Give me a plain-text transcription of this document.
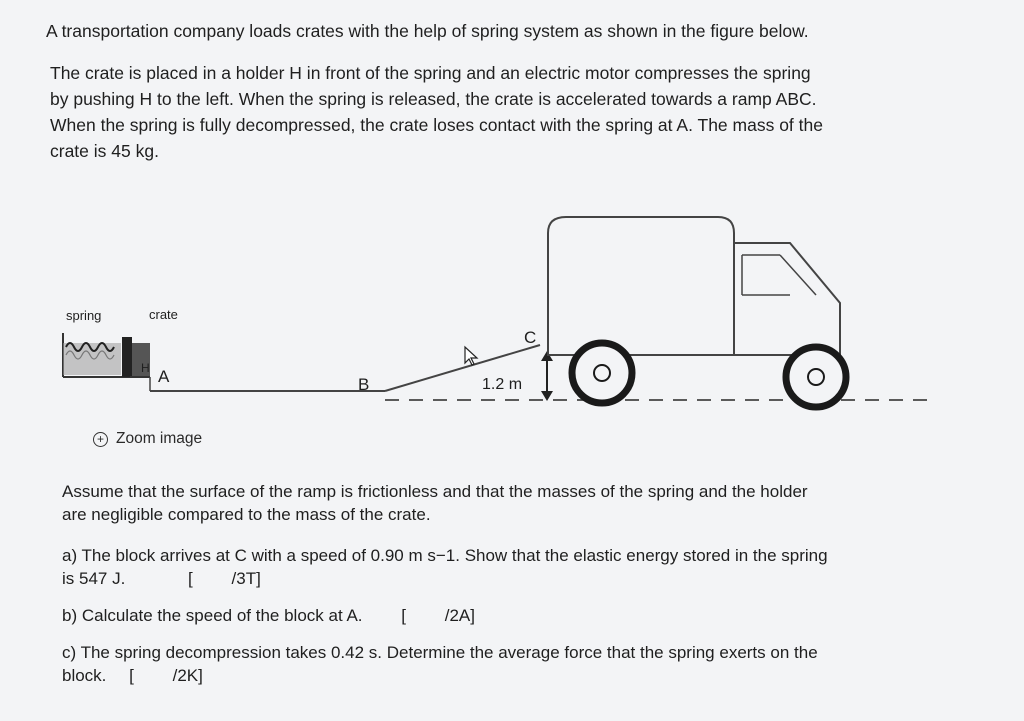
A transportation company loads crates with the help of spring system as shown in the figure below.
The crate is placed in a holder H in front of the spring and an electric motor compresses the spring
by pushing H to the left. When the spring is released, the crate is accelerated towards a ramp ABC.
When the spring is fully decompressed, the crate loses contact with the spring at A. The mass of the
crate is 45 kg.
spring	crate
H A	B
C
1.2 m
+ Zoom image

Assume that the surface of the ramp is frictionless and that the masses of the spring and the holder
are negligible compared to the mass of the crate.

a) The block arrives at C with a speed of 0.90 m s−1. Show that the elastic energy stored in the spring
is 547 J.	[ /3T]

b) Calculate the speed of the block at A. [ /2A]

c) The spring decompression takes 0.42 s. Determine the average force that the spring exerts on the
block. [ /2K]
